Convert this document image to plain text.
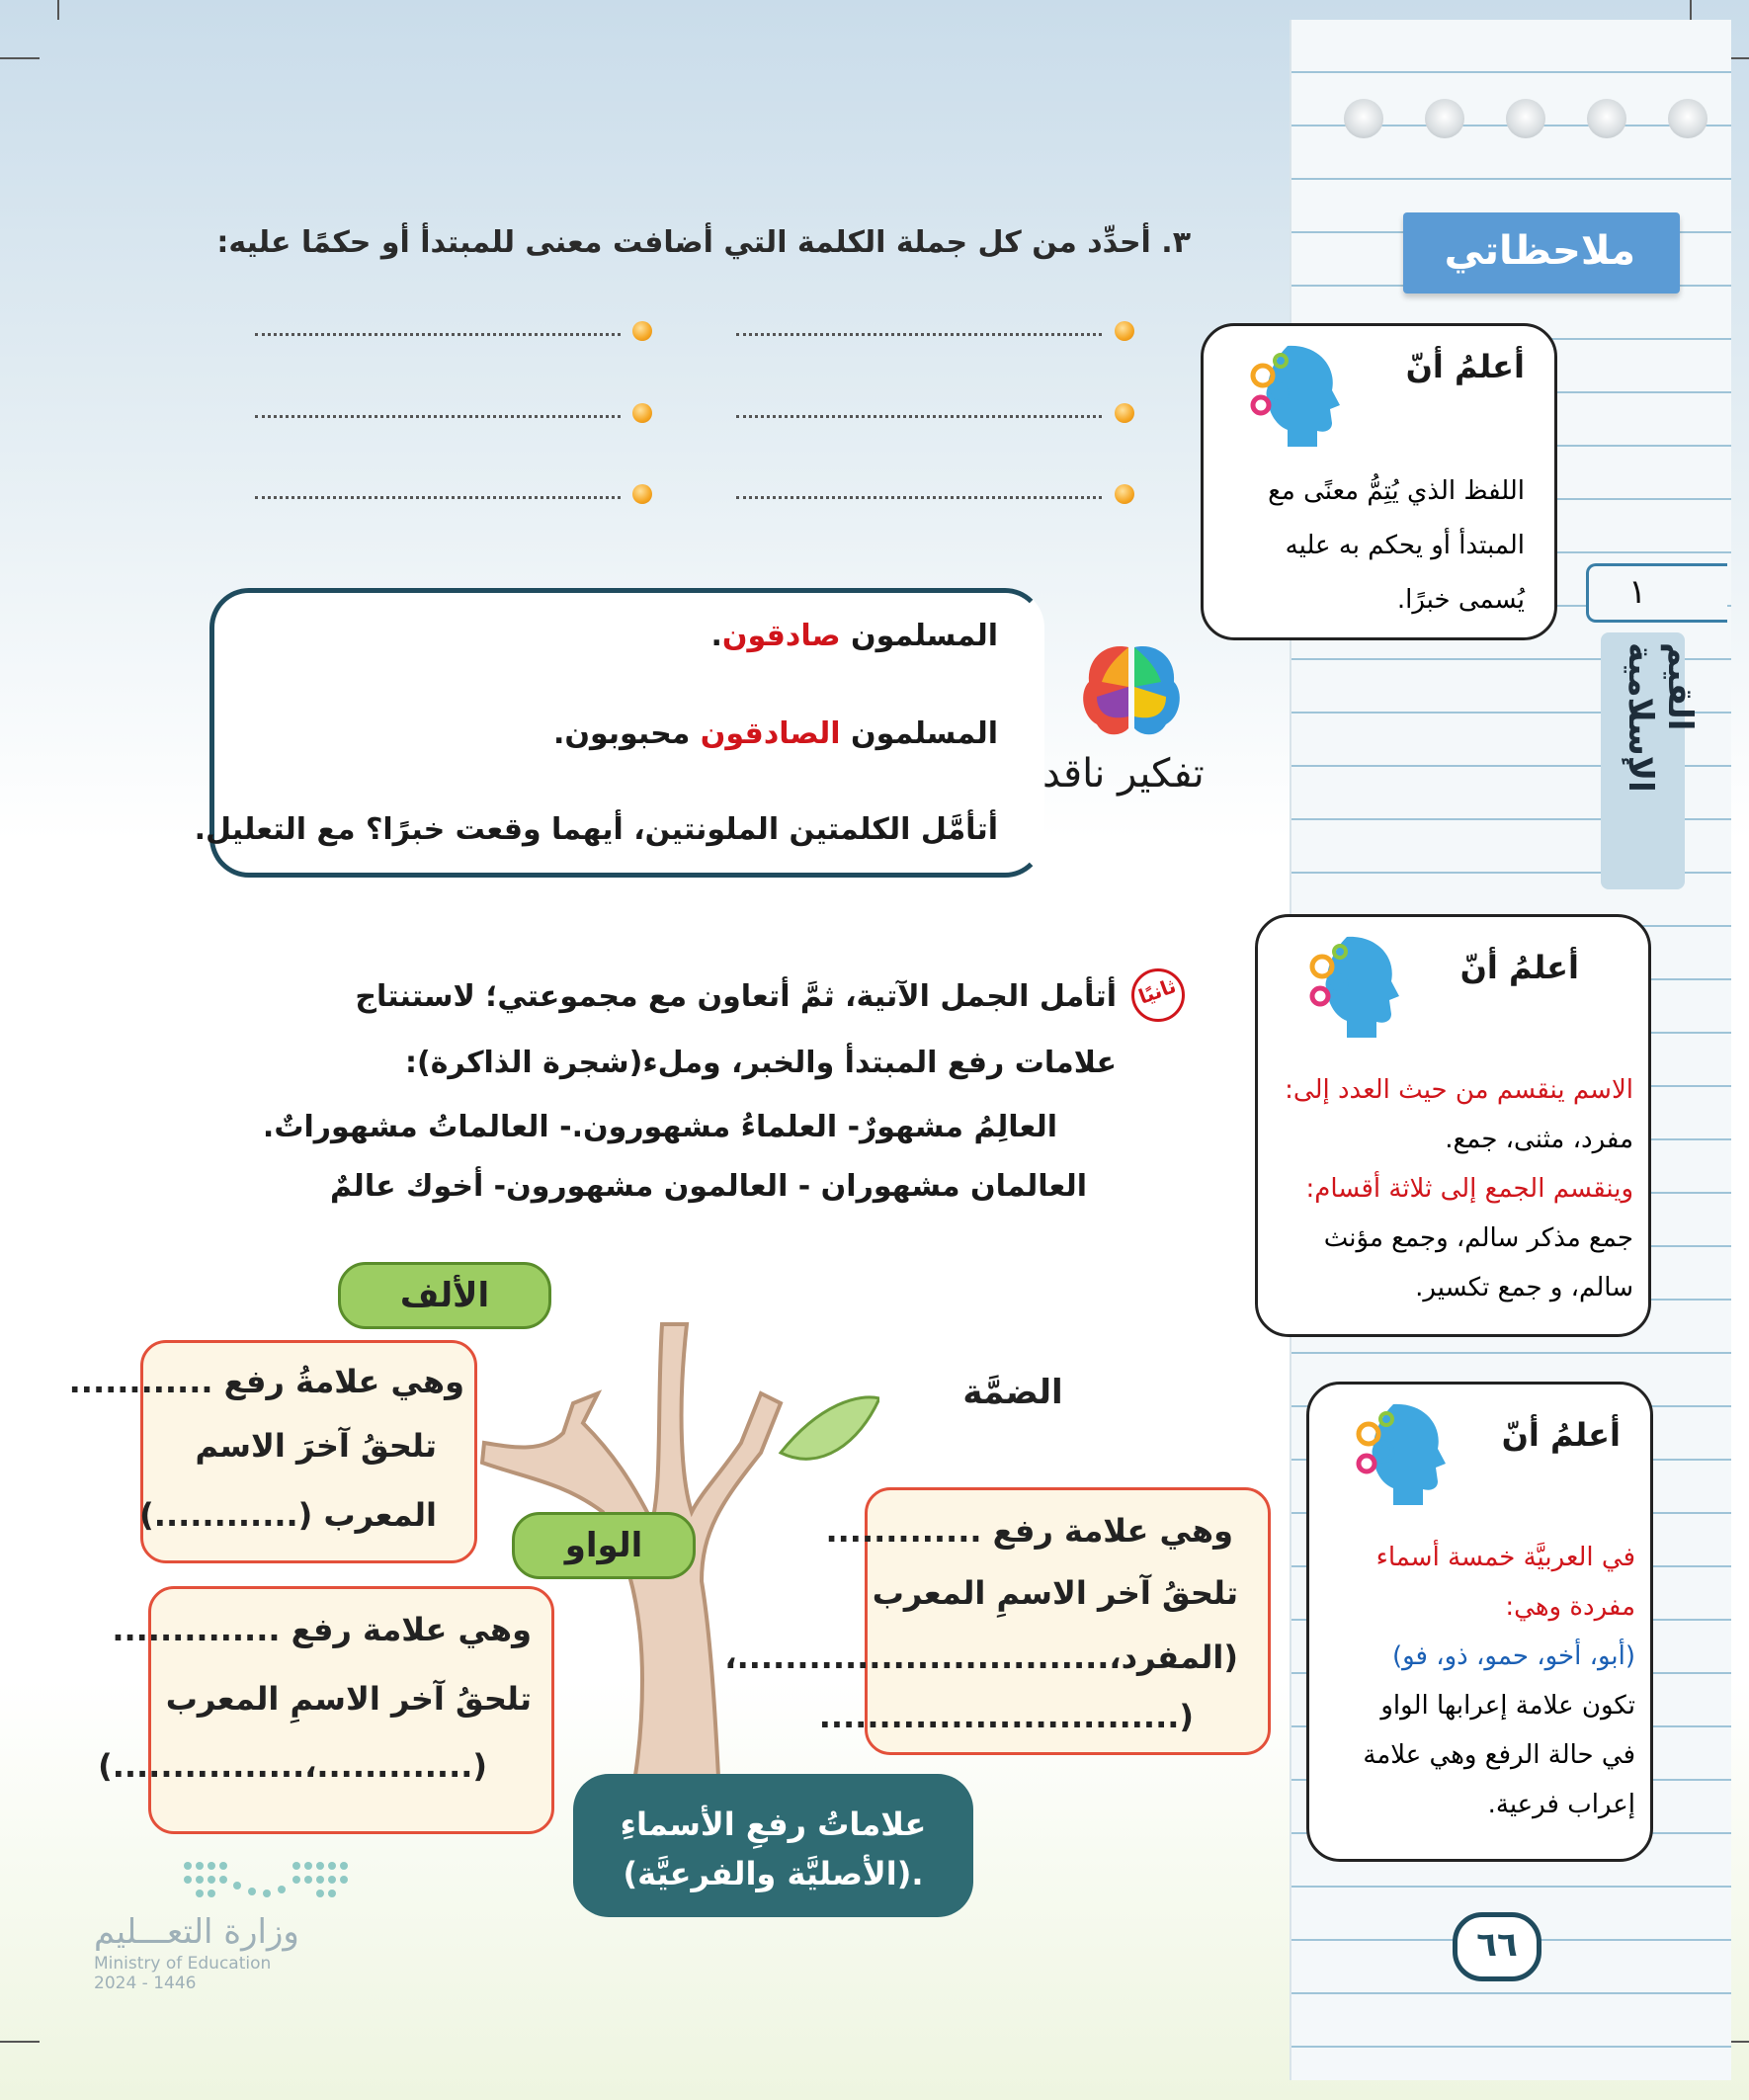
ملاحظاتي
١
القيم الإسلامية
أعلمُ أنّ
اللفظ الذي يُتِمُّ معنًى مع
المبتدأ أو يحكم به عليه
يُسمى خبرًا.
٣. أحدِّد من كل جملة الكلمة التي أضافت معنى للمبتدأ أو حكمًا عليه:
المسلمون صادقون.
المسلمون الصادقون محبوبون.
أتأمَّل الكلمتين الملونتين، أيهما وقعت خبرًا؟ مع التعليل.
تفكير ناقد
ثانيًا
أتأمل الجمل الآتية، ثمَّ أتعاون مع مجموعتي؛ لاستنتاج علامات رفع المبتدأ والخبر، وملء(شجرة الذاكرة):
العالِمُ مشهورٌ- العلماءُ مشهورون.- العالماتُ مشهوراتٌ.
العالمان مشهوران - العالمون مشهورون- أخوك عالمٌ
أعلمُ أنّ
الاسم ينقسم من حيث العدد إلى:
مفرد، مثنى، جمع.
وينقسم الجمع إلى ثلاثة أقسام:
جمع مذكر سالم، وجمع مؤنث
سالم، و جمع تكسير.
أعلمُ أنّ
في العربيَّة خمسة أسماء
مفردة وهي:
(أبو، أخو، حمو، ذو، فو)
تكون علامة إعرابها الواو
في حالة الرفع وهي علامة
إعراب فرعية.
الألف
الواو
الضمَّة
وهي علامةُ رفع ............
تلحقُ آخرَ الاسم
المعرب (............)
وهي علامة رفع ..............
تلحقُ آخر الاسمِ المعرب
(.............،................)
وهي علامة رفع .............
تلحقُ آخر الاسمِ المعرب
(المفرد،...............................،
(..............................
علاماتُ رفعِ الأسماءِ
(الأصليَّة والفرعيَّة).
٦٦
وزارة التعـــليم
Ministry of Education
2024 - 1446
